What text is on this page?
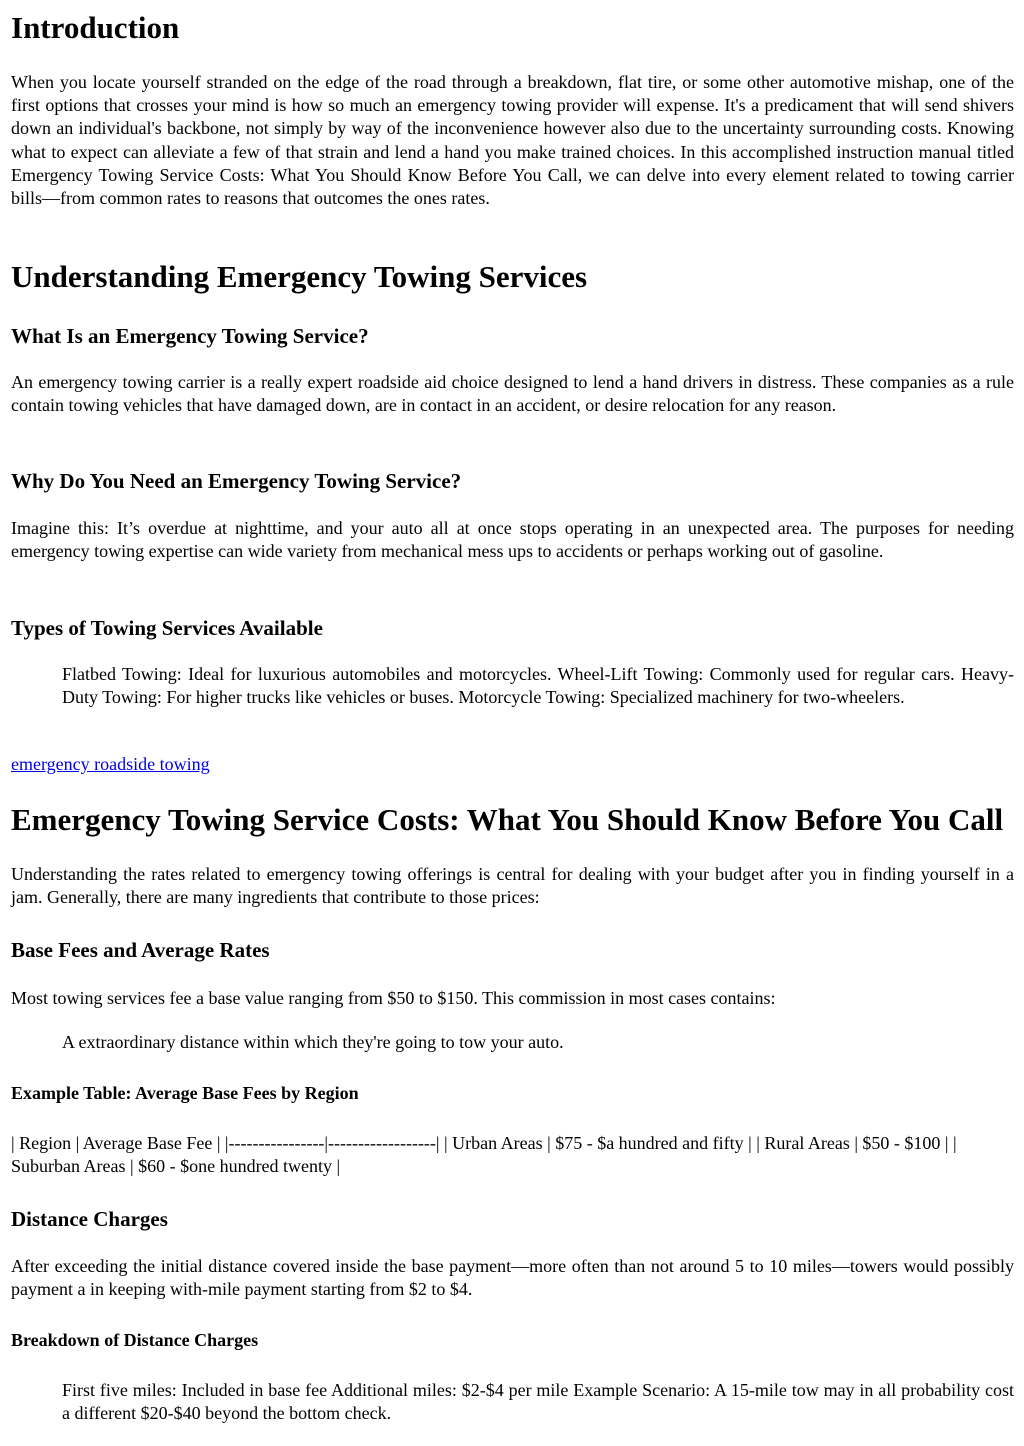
Introduction

When you locate yourself stranded on the edge of the road through a breakdown, flat tire, or some other automotive mishap, one of the first options that crosses your mind is how so much an emergency towing provider will expense. It's a predicament that will send shivers down an individual's backbone, not simply by way of the inconvenience however also due to the uncertainty surrounding costs. Knowing what to expect can alleviate a few of that strain and lend a hand you make trained choices. In this accomplished instruction manual titled Emergency Towing Service Costs: What You Should Know Before You Call, we can delve into every element related to towing carrier bills—from common rates to reasons that outcomes the ones rates.

Understanding Emergency Towing Services
What Is an Emergency Towing Service?

An emergency towing carrier is a really expert roadside aid choice designed to lend a hand drivers in distress. These companies as a rule contain towing vehicles that have damaged down, are in contact in an accident, or desire relocation for any reason.

Why Do You Need an Emergency Towing Service?

Imagine this: It’s overdue at nighttime, and your auto all at once stops operating in an unexpected area. The purposes for needing emergency towing expertise can wide variety from mechanical mess ups to accidents or perhaps working out of gasoline.

Types of Towing Services Available

Flatbed Towing: Ideal for luxurious automobiles and motorcycles. Wheel-Lift Towing: Commonly used for regular cars. Heavy-Duty Towing: For higher trucks like vehicles or buses. Motorcycle Towing: Specialized machinery for two-wheelers.

emergency roadside towing
Emergency Towing Service Costs: What You Should Know Before You Call

Understanding the rates related to emergency towing offerings is central for dealing with your budget after you in finding yourself in a jam. Generally, there are many ingredients that contribute to those prices:

Base Fees and Average Rates

Most towing services fee a base value ranging from $50 to $150. This commission in most cases contains:

A extraordinary distance within which they're going to tow your auto.

Example Table: Average Base Fees by Region

| Region | Average Base Fee | |----------------|------------------| | Urban Areas | $75 - $a hundred and fifty | | Rural Areas | $50 - $100 | | Suburban Areas | $60 - $one hundred twenty |

Distance Charges

After exceeding the initial distance covered inside the base payment—more often than not around 5 to 10 miles—towers would possibly payment a in keeping with-mile payment starting from $2 to $4.

Breakdown of Distance Charges

First five miles: Included in base fee Additional miles: $2-$4 per mile Example Scenario: A 15-mile tow may in all probability cost a different $20-$40 beyond the bottom check.
